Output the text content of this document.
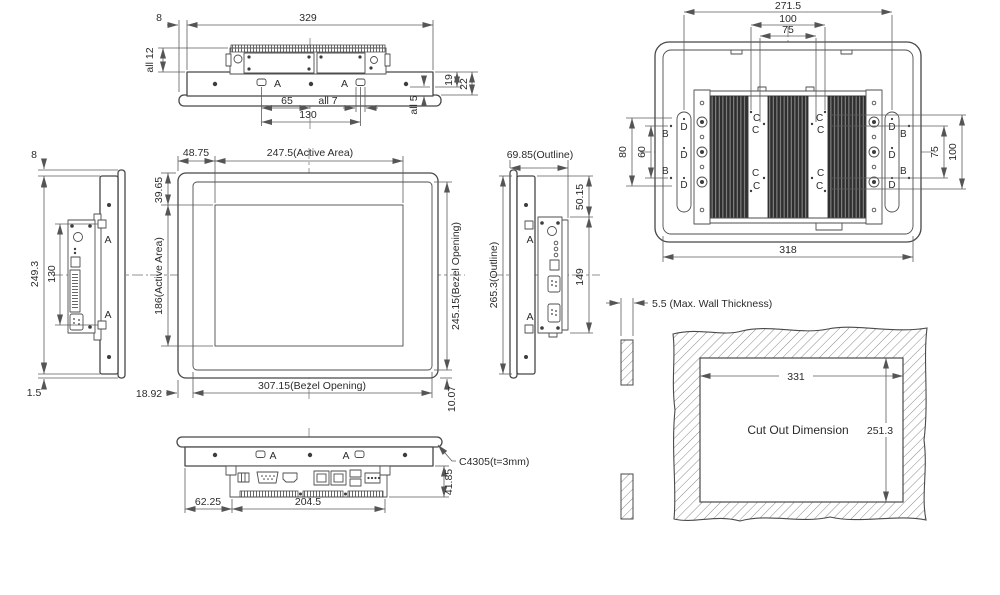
A	A
8	329
all 12
19 22
all 5
65 all 7
130
D
D
D
D
D
D
C
C
C
C
C
C
C
C
B
B
B
B
271.5
100
75
80 60	75 100
318
A
A
8
249.3 130
1.5
48.75	247.5(Active Area)
39.65
186(Active Area)	245.15(Bezel Opening)
307.15(Bezel Opening)
18.92	10.07
A
A
69.85(Outline)
265.3(Outline)
50.15
149
A	A
62.25	204.5
41.85
C4305(t=3mm)
5.5 (Max. Wall Thickness)
331
251.3
Cut Out Dimension
